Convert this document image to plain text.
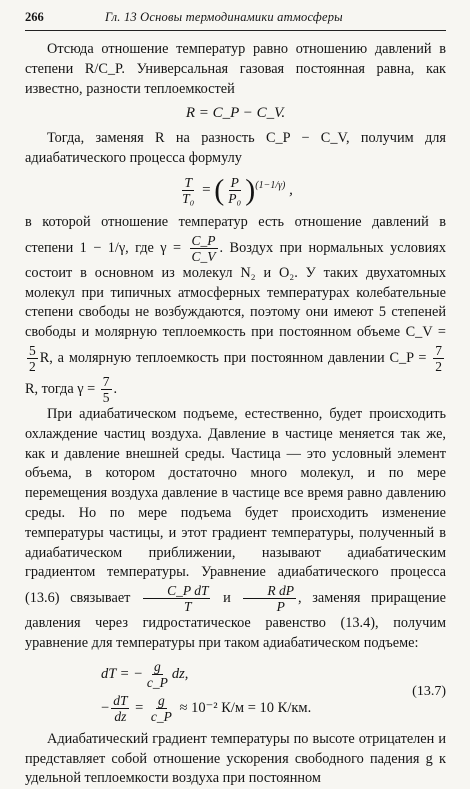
266	Гл. 13 Основы термодинамики атмосферы

Отсюда отношение температур равно отношению давлений в степени R/C_P. Универсальная газовая постоянная равна, как известно, разности теплоемкостей

R = C_P − C_V.

Тогда, заменяя R на разность C_P − C_V, получим для адиабатического процесса формулу

$\frac{T}{\text{T₀}}$ = ( $\frac{P}{\text{P₀}} )^{(1-1/\gamma)}$ ,

в которой отношение температур есть отношение давлений в степени 1 − 1/γ, где $\gamma = \frac{C\_P}{C\_V}$ . Воздух при нормальных условиях состоит в основном из молекул N₂ и O₂. У таких двухатомных молекул при типичных атмосферных температурах колебательные степени свободы не возбуждаются, поэтому они имеют 5 степеней свободы и молярную теплоемкость при постоянном объеме C_V =
$\frac{5}{2} R$, а молярную теплоемкость при постоянном давлении C_P = $\frac{7}{2}$
R, тогда $\gamma = \frac{7}{5}$ .

При адиабатическом подъеме, естественно, будет происходить охлаждение частиц воздуха. Давление в частице меняется так же, как и давление внешней среды. Частица — это условный элемент объема, в котором достаточно много молекул, и по мере перемещения воздуха давление в частице все время равно давлению среды. Но по мере подъема будет происходить изменение температуры частицы, и этот градиент температуры, полученный в адиабатическом приближении, называют адиабатическим градиентом температуры. Уравнение адиабатического процесса (13.6) связывает $\frac{\text{C\_P dT}}{T}$ и $\frac{\text{R dP}}{P}$ , заменяя приращение давления через гидростатическое равенство (13.4), получим уравнение для температуры при таком адиабатическом подъеме:

dT = − $\frac{g}{c\_P}$ dz,
− $\frac{dT}{dz} = \frac{g}{c\_P}$
≈ 10⁻² К/м = 10 К/км.
(13.7)

Адиабатический градиент температуры по высоте отрицателен и представляет собой отношение ускорения свободного падения g к удельной теплоемкости воздуха при постоянном
